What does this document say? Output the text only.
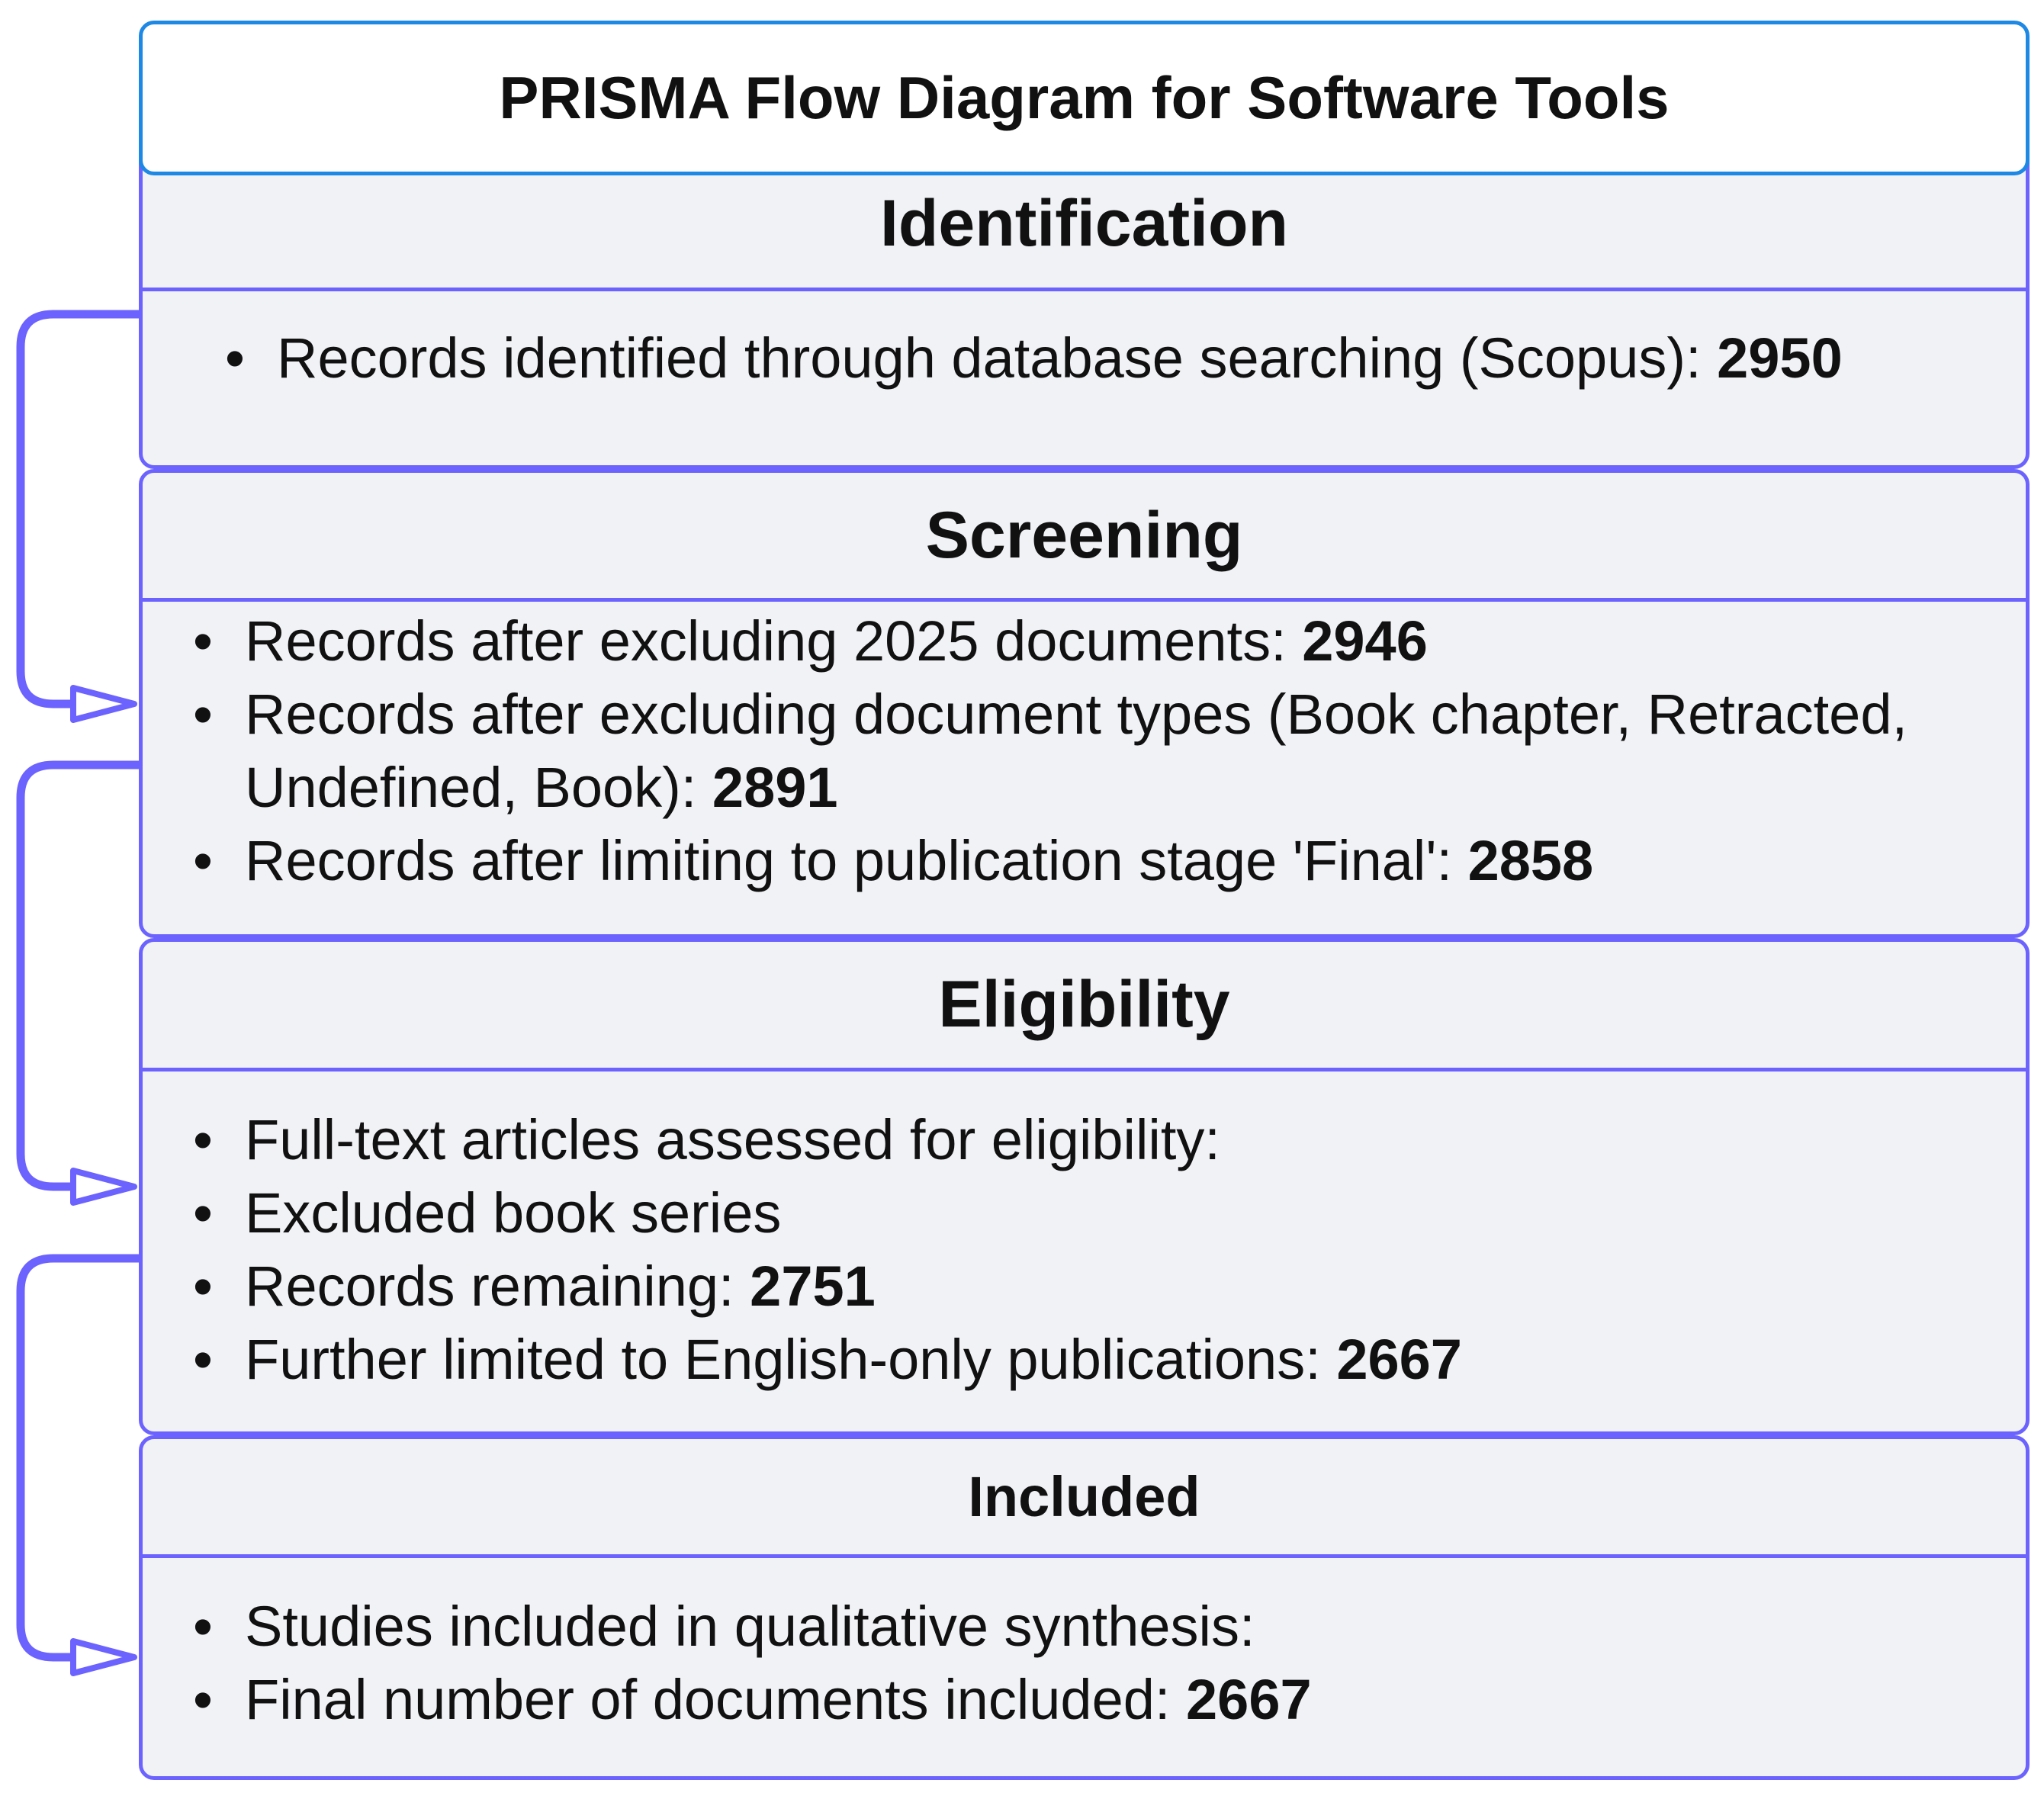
Identification
• Records identified through database searching (Scopus): 2950
PRISMA Flow Diagram for Software Tools
Screening
• Records after excluding 2025 documents: 2946
• Records after excluding document types (Book chapter, Retracted, Undefined, Book): 2891
• Records after limiting to publication stage 'Final': 2858
Eligibility
• Full-text articles assessed for eligibility:
• Excluded book series
• Records remaining: 2751
• Further limited to English-only publications: 2667
Included
• Studies included in qualitative synthesis:
• Final number of documents included: 2667
